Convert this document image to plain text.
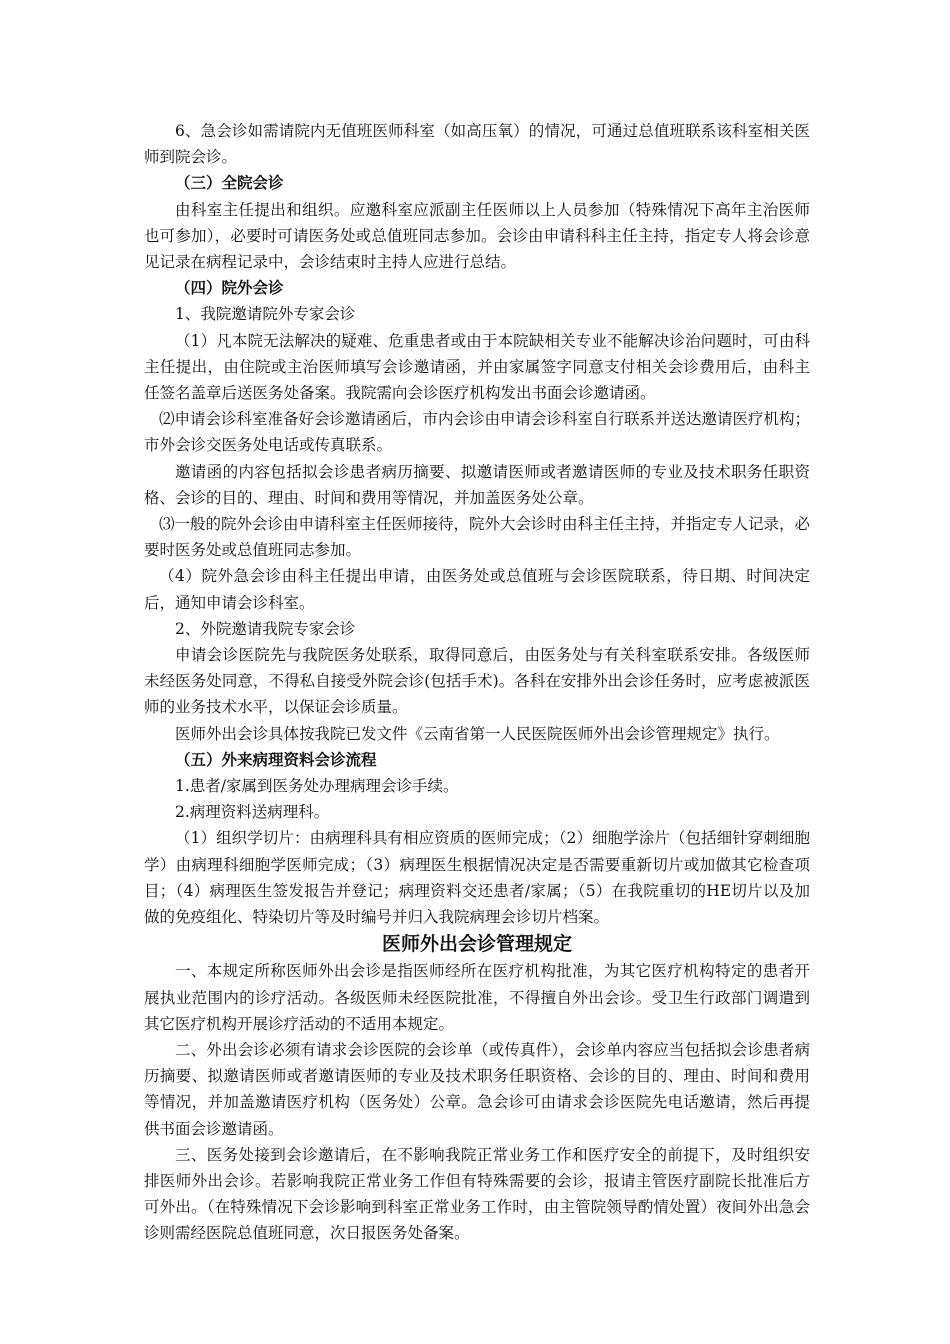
6、急会诊如需请院内无值班医师科室（如高压氧）的情况，可通过总值班联系该科室相关医师到院会诊。

（三）全院会诊

由科室主任提出和组织。应邀科室应派副主任医师以上人员参加（特殊情况下高年主治医师也可参加），必要时可请医务处或总值班同志参加。会诊由申请科科主任主持，指定专人将会诊意见记录在病程记录中，会诊结束时主持人应进行总结。

（四）院外会诊

1、我院邀请院外专家会诊

（1）凡本院无法解决的疑难、危重患者或由于本院缺相关专业不能解决诊治问题时，可由科主任提出，由住院或主治医师填写会诊邀请函，并由家属签字同意支付相关会诊费用后，由科主任签名盖章后送医务处备案。我院需向会诊医疗机构发出书面会诊邀请函。

⑵申请会诊科室准备好会诊邀请函后，市内会诊由申请会诊科室自行联系并送达邀请医疗机构；市外会诊交医务处电话或传真联系。

邀请函的内容包括拟会诊患者病历摘要、拟邀请医师或者邀请医师的专业及技术职务任职资格、会诊的目的、理由、时间和费用等情况，并加盖医务处公章。

⑶一般的院外会诊由申请科室主任医师接待，院外大会诊时由科主任主持，并指定专人记录，必要时医务处或总值班同志参加。

（4）院外急会诊由科主任提出申请，由医务处或总值班与会诊医院联系，待日期、时间决定后，通知申请会诊科室。

2、外院邀请我院专家会诊

申请会诊医院先与我院医务处联系，取得同意后，由医务处与有关科室联系安排。各级医师未经医务处同意，不得私自接受外院会诊(包括手术)。各科在安排外出会诊任务时，应考虑被派医师的业务技术水平，以保证会诊质量。

医师外出会诊具体按我院已发文件《云南省第一人民医院医师外出会诊管理规定》执行。

（五）外来病理资料会诊流程

1.患者/家属到医务处办理病理会诊手续。

2.病理资料送病理科。

（1）组织学切片：由病理科具有相应资质的医师完成；（2）细胞学涂片（包括细针穿刺细胞学）由病理科细胞学医师完成；（3）病理医生根据情况决定是否需要重新切片或加做其它检查项目；（4）病理医生签发报告并登记；病理资料交还患者/家属；（5）在我院重切的HE切片以及加做的免疫组化、特染切片等及时编号并归入我院病理会诊切片档案。

医师外出会诊管理规定

一、本规定所称医师外出会诊是指医师经所在医疗机构批准，为其它医疗机构特定的患者开展执业范围内的诊疗活动。各级医师未经医院批准，不得擅自外出会诊。受卫生行政部门调遣到其它医疗机构开展诊疗活动的不适用本规定。

二、外出会诊必须有请求会诊医院的会诊单（或传真件），会诊单内容应当包括拟会诊患者病历摘要、拟邀请医师或者邀请医师的专业及技术职务任职资格、会诊的目的、理由、时间和费用等情况，并加盖邀请医疗机构（医务处）公章。急会诊可由请求会诊医院先电话邀请，然后再提供书面会诊邀请函。

三、医务处接到会诊邀请后，在不影响我院正常业务工作和医疗安全的前提下，及时组织安排医师外出会诊。若影响我院正常业务工作但有特殊需要的会诊，报请主管医疗副院长批准后方可外出。（在特殊情况下会诊影响到科室正常业务工作时，由主管院领导酌情处置）夜间外出急会诊则需经医院总值班同意，次日报医务处备案。
